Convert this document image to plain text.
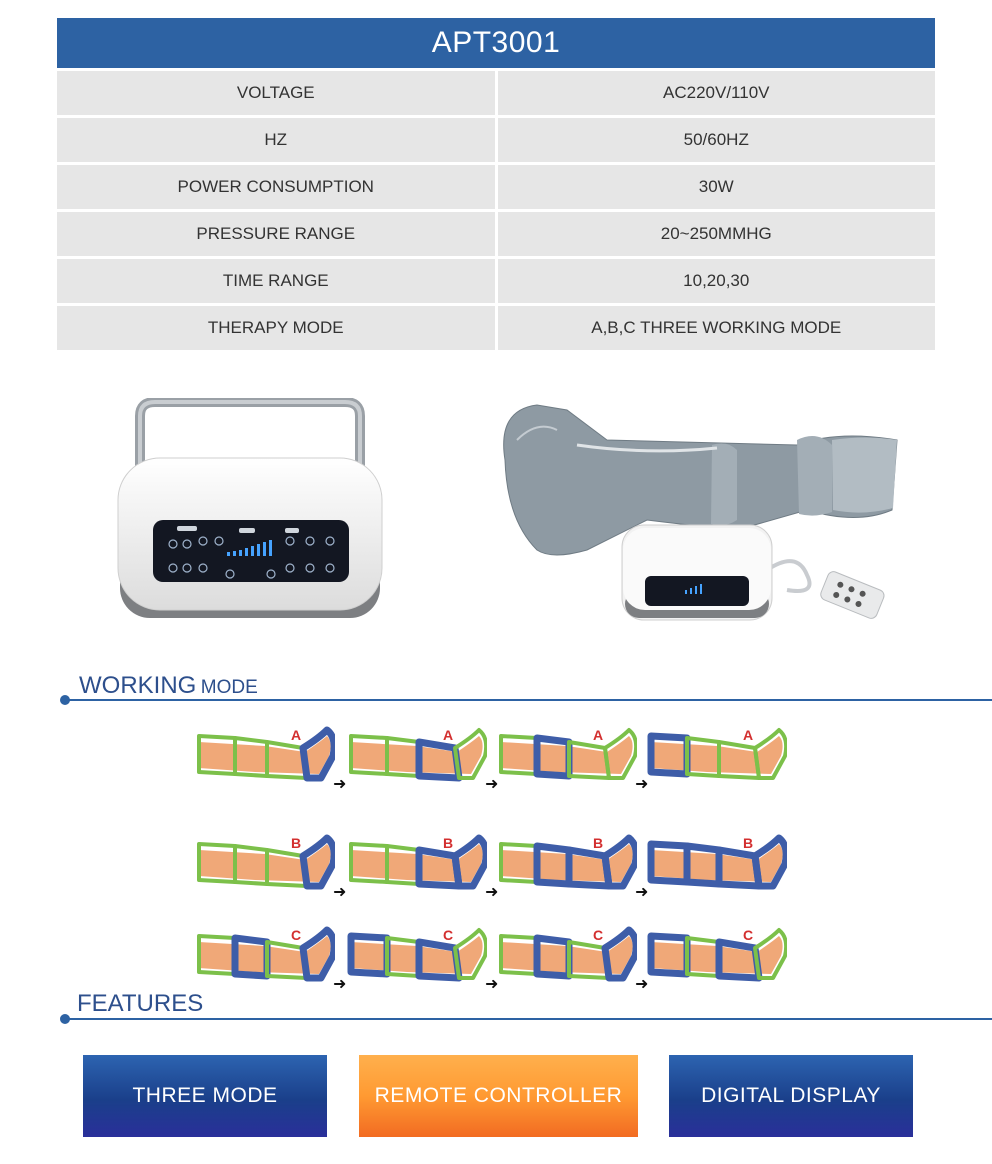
APT3001
VOLTAGE	AC220V/110V
HZ	50/60HZ
POWER CONSUMPTION	30W
PRESSURE RANGE	20~250MMHG
TIME RANGE	10,20,30
THERAPY MODE	A,B,C THREE WORKING MODE
WORKING MODE
A
➜
A
➜
A
➜
A
B
➜
B
➜
B
➜
B
C
➜
C
➜
C
➜
C
FEATURES
THREE MODE	REMOTE CONTROLLER	DIGITAL DISPLAY
